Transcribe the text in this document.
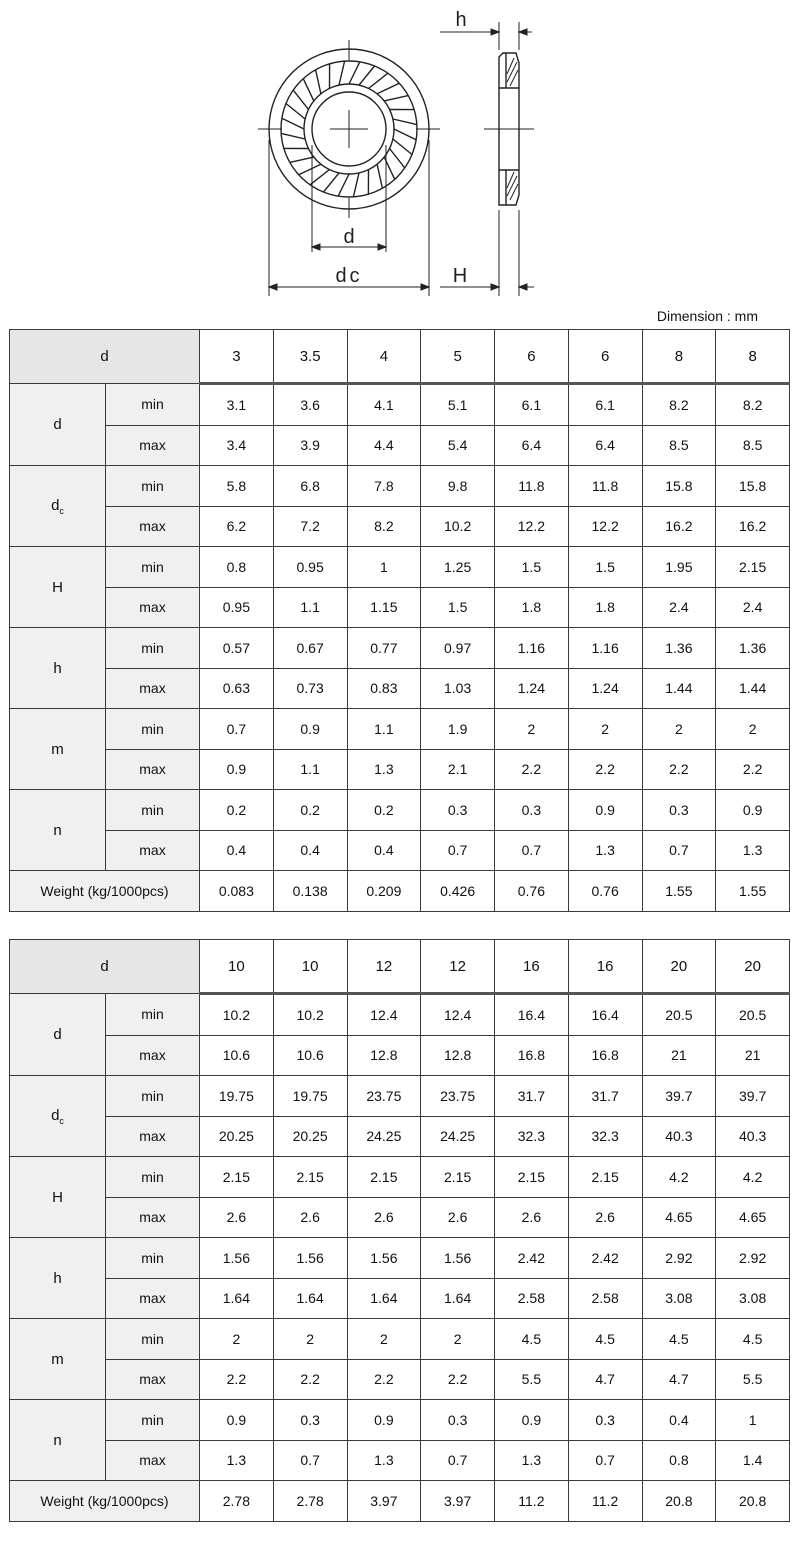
d
dc
h
H
Dimension : mm
d		3	3.5	4	5	6	6	8	8
d	min	3.1	3.6	4.1	5.1	6.1	6.1	8.2	8.2
	max	3.4	3.9	4.4	5.4	6.4	6.4	8.5	8.5
$d_c$	min	5.8	6.8	7.8	9.8	11.8	11.8	15.8	15.8
	max	6.2	7.2	8.2	10.2	12.2	12.2	16.2	16.2
H	min	0.8	0.95	1	1.25	1.5	1.5	1.95	2.15
	max	0.95	1.1	1.15	1.5	1.8	1.8	2.4	2.4
h	min	0.57	0.67	0.77	0.97	1.16	1.16	1.36	1.36
	max	0.63	0.73	0.83	1.03	1.24	1.24	1.44	1.44
m	min	0.7	0.9	1.1	1.9	2	2	2	2
	max	0.9	1.1	1.3	2.1	2.2	2.2	2.2	2.2
n	min	0.2	0.2	0.2	0.3	0.3	0.9	0.3	0.9
	max	0.4	0.4	0.4	0.7	0.7	1.3	0.7	1.3
Weight (kg/1000pcs)		0.083	0.138	0.209	0.426	0.76	0.76	1.55	1.55
d		10	10	12	12	16	16	20	20
d	min	10.2	10.2	12.4	12.4	16.4	16.4	20.5	20.5
	max	10.6	10.6	12.8	12.8	16.8	16.8	21	21
$d_c$	min	19.75	19.75	23.75	23.75	31.7	31.7	39.7	39.7
	max	20.25	20.25	24.25	24.25	32.3	32.3	40.3	40.3
H	min	2.15	2.15	2.15	2.15	2.15	2.15	4.2	4.2
	max	2.6	2.6	2.6	2.6	2.6	2.6	4.65	4.65
h	min	1.56	1.56	1.56	1.56	2.42	2.42	2.92	2.92
	max	1.64	1.64	1.64	1.64	2.58	2.58	3.08	3.08
m	min	2	2	2	2	4.5	4.5	4.5	4.5
	max	2.2	2.2	2.2	2.2	5.5	4.7	4.7	5.5
n	min	0.9	0.3	0.9	0.3	0.9	0.3	0.4	1
	max	1.3	0.7	1.3	0.7	1.3	0.7	0.8	1.4
Weight (kg/1000pcs)		2.78	2.78	3.97	3.97	11.2	11.2	20.8	20.8
